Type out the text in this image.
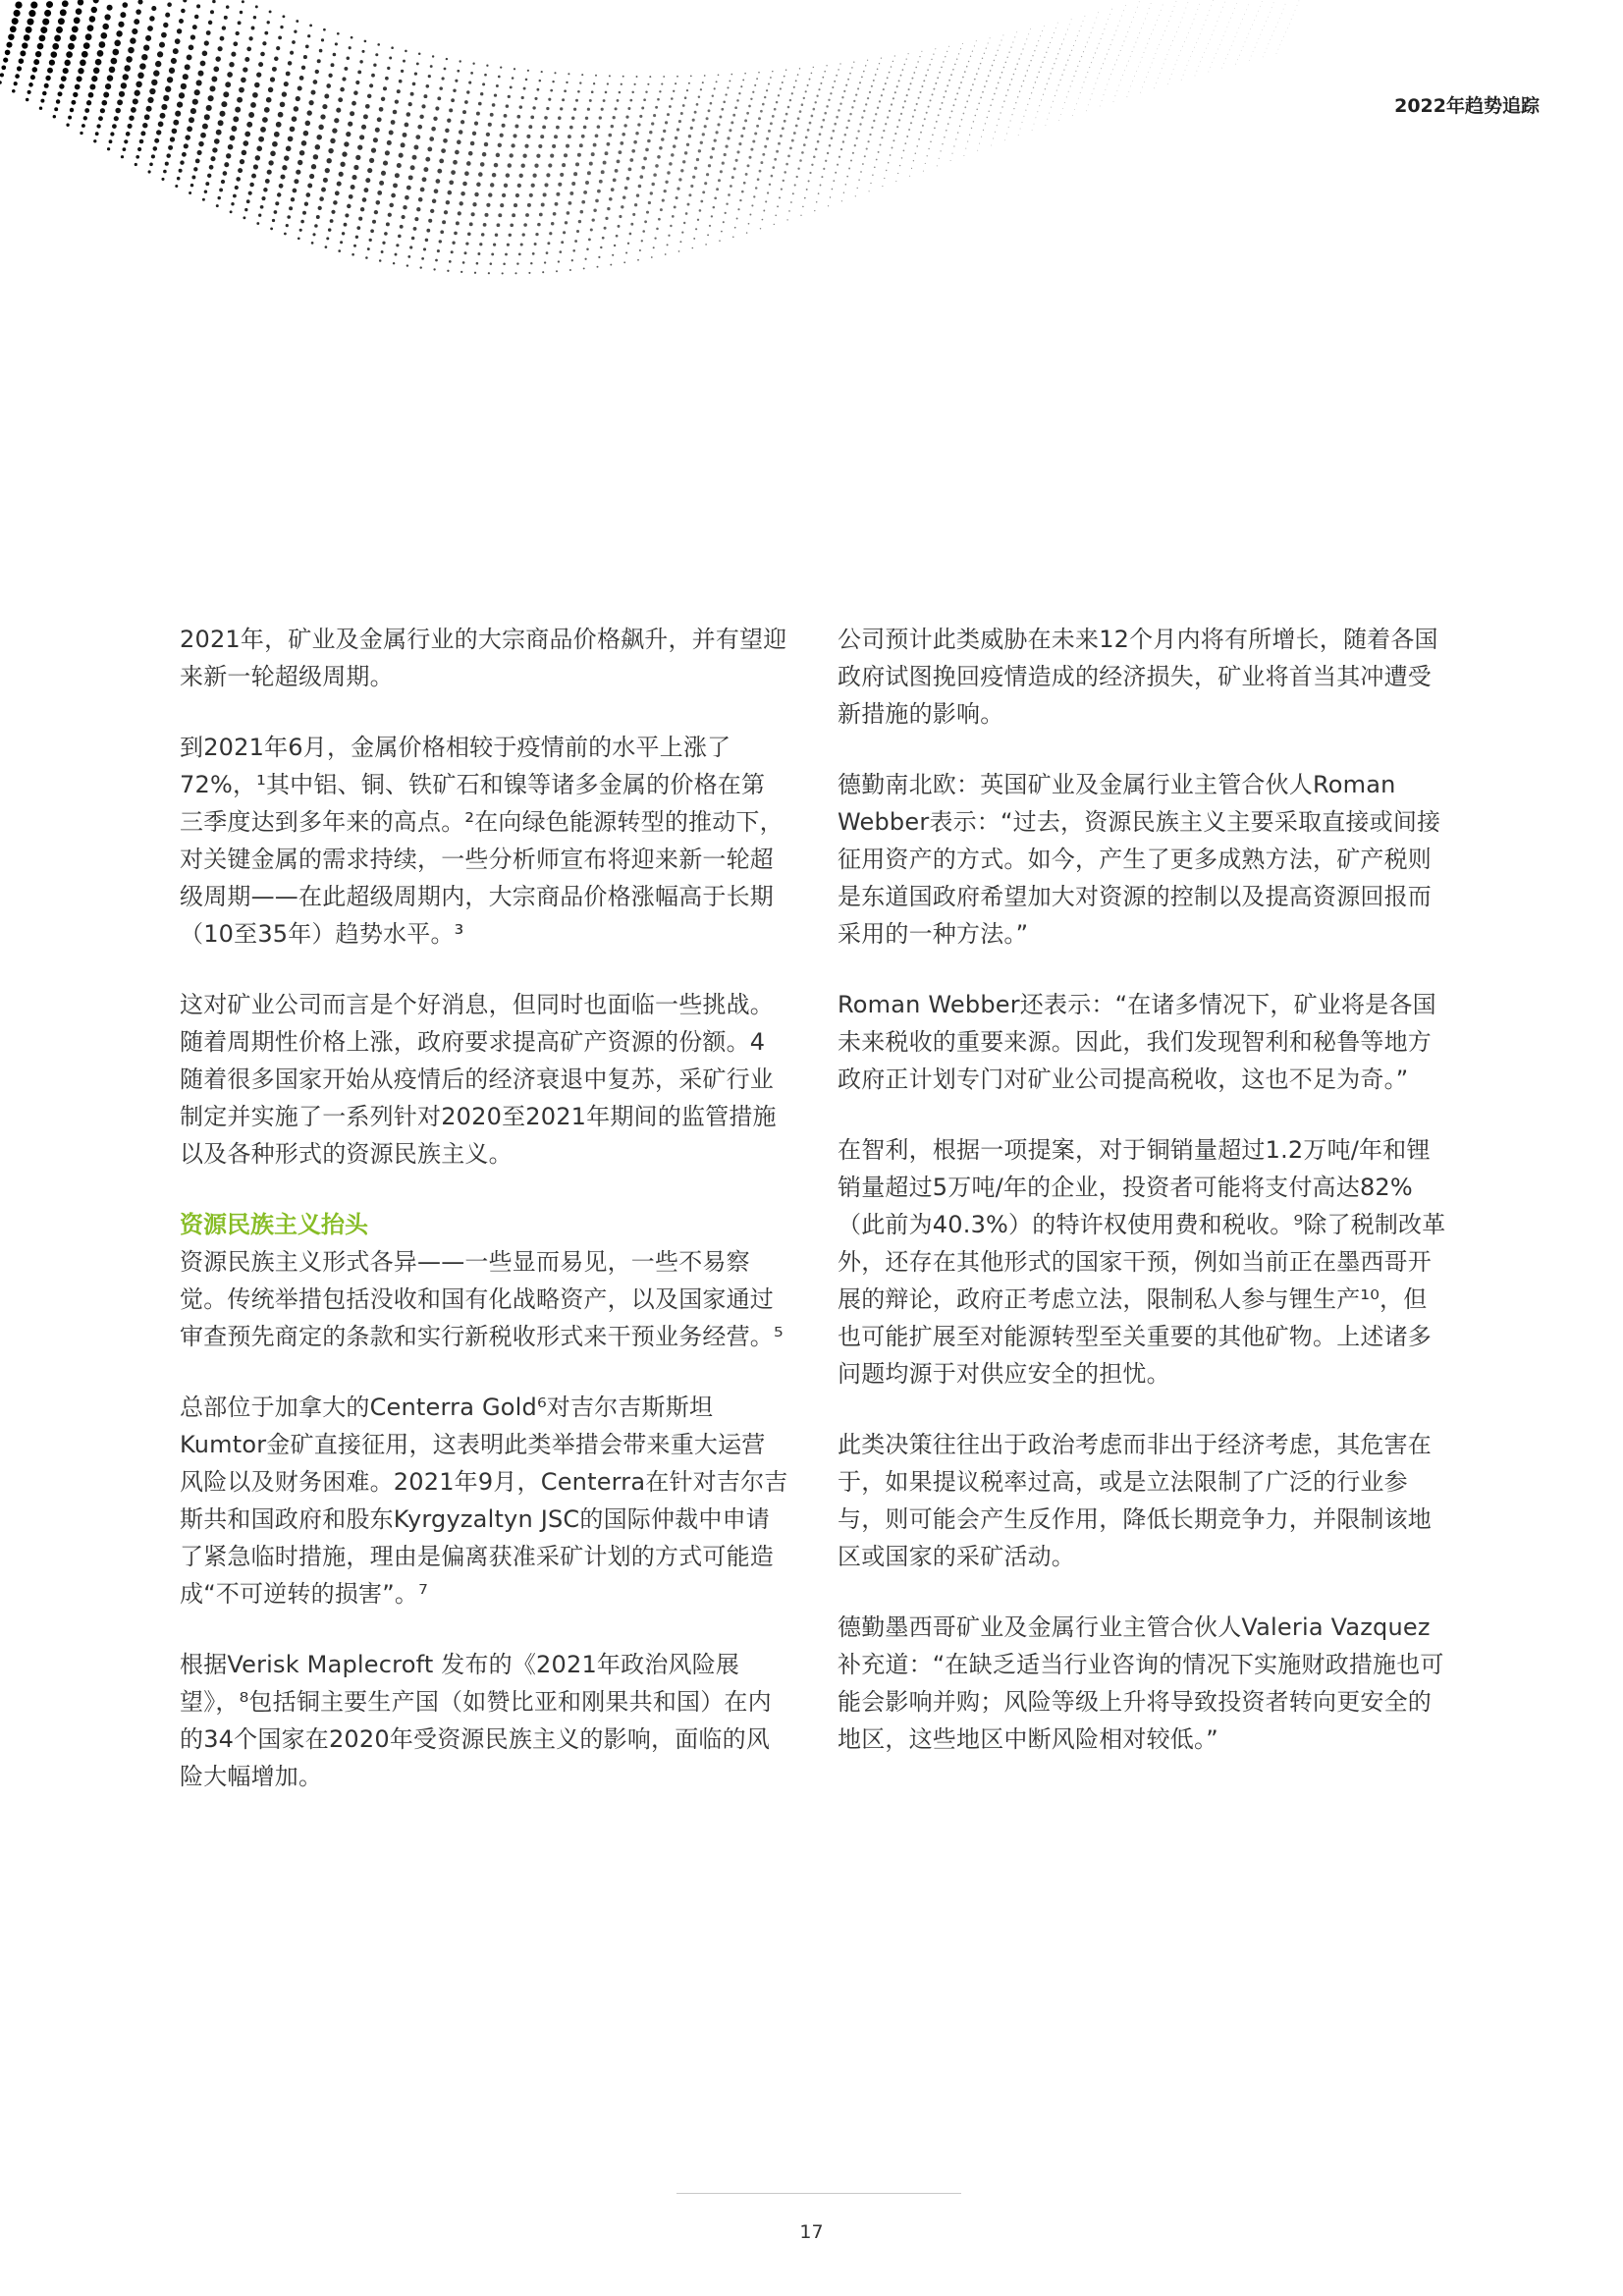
2022年趋势追踪

2021年，矿业及金属行业的大宗商品价格飙升，并有望迎来新一轮超级周期。

到2021年6月，金属价格相较于疫情前的水平上涨了72%，¹其中铝、铜、铁矿石和镍等诸多金属的价格在第三季度达到多年来的高点。²在向绿色能源转型的推动下，对关键金属的需求持续，一些分析师宣布将迎来新一轮超级周期——在此超级周期内，大宗商品价格涨幅高于长期（10至35年）趋势水平。³

这对矿业公司而言是个好消息，但同时也面临一些挑战。随着周期性价格上涨，政府要求提高矿产资源的份额。4随着很多国家开始从疫情后的经济衰退中复苏，采矿行业制定并实施了一系列针对2020至2021年期间的监管措施以及各种形式的资源民族主义。

资源民族主义抬头

资源民族主义形式各异——一些显而易见，一些不易察觉。传统举措包括没收和国有化战略资产，以及国家通过审查预先商定的条款和实行新税收形式来干预业务经营。⁵

总部位于加拿大的Centerra Gold⁶对吉尔吉斯斯坦Kumtor金矿直接征用，这表明此类举措会带来重大运营风险以及财务困难。2021年9月，Centerra在针对吉尔吉斯共和国政府和股东Kyrgyzaltyn JSC的国际仲裁中申请了紧急临时措施，理由是偏离获准采矿计划的方式可能造成“不可逆转的损害”。⁷

根据Verisk Maplecroft 发布的《2021年政治风险展望》，⁸包括铜主要生产国（如赞比亚和刚果共和国）在内的34个国家在2020年受资源民族主义的影响，面临的风险大幅增加。

公司预计此类威胁在未来12个月内将有所增长，随着各国政府试图挽回疫情造成的经济损失，矿业将首当其冲遭受新措施的影响。

德勤南北欧：英国矿业及金属行业主管合伙人Roman Webber表示：“过去，资源民族主义主要采取直接或间接征用资产的方式。如今，产生了更多成熟方法，矿产税则是东道国政府希望加大对资源的控制以及提高资源回报而采用的一种方法。”

Roman Webber还表示：“在诸多情况下，矿业将是各国未来税收的重要来源。因此，我们发现智利和秘鲁等地方政府正计划专门对矿业公司提高税收，这也不足为奇。”

在智利，根据一项提案，对于铜销量超过1.2万吨/年和锂销量超过5万吨/年的企业，投资者可能将支付高达82%（此前为40.3%）的特许权使用费和税收。⁹除了税制改革外，还存在其他形式的国家干预，例如当前正在墨西哥开展的辩论，政府正考虑立法，限制私人参与锂生产¹⁰，但也可能扩展至对能源转型至关重要的其他矿物。上述诸多问题均源于对供应安全的担忧。

此类决策往往出于政治考虑而非出于经济考虑，其危害在于，如果提议税率过高，或是立法限制了广泛的行业参与，则可能会产生反作用，降低长期竞争力，并限制该地区或国家的采矿活动。

德勤墨西哥矿业及金属行业主管合伙人Valeria Vazquez补充道：“在缺乏适当行业咨询的情况下实施财政措施也可能会影响并购；风险等级上升将导致投资者转向更安全的地区，这些地区中断风险相对较低。”

17
